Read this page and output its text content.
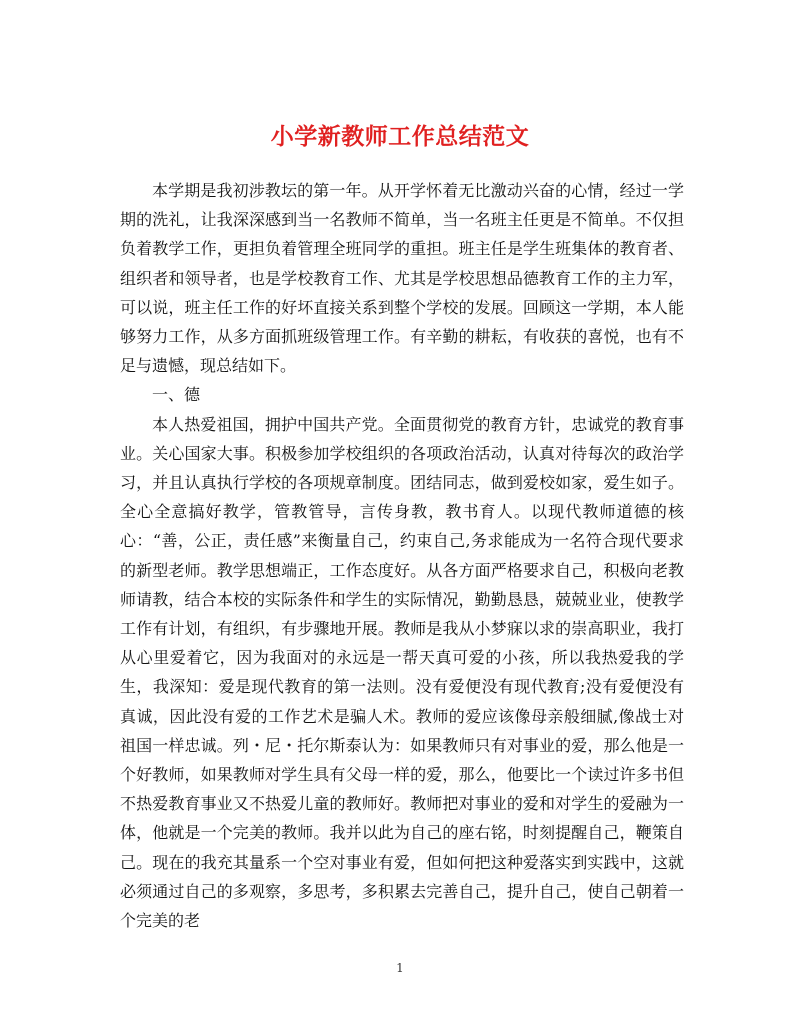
小学新教师工作总结范文

本学期是我初涉教坛的第一年。从开学怀着无比激动兴奋的心情，经过一学期的洗礼，让我深深感到当一名教师不简单，当一名班主任更是不简单。不仅担负着教学工作，更担负着管理全班同学的重担。班主任是学生班集体的教育者、组织者和领导者，也是学校教育工作、尤其是学校思想品德教育工作的主力军，可以说，班主任工作的好坏直接关系到整个学校的发展。回顾这一学期，本人能够努力工作，从多方面抓班级管理工作。有辛勤的耕耘，有收获的喜悦，也有不足与遗憾，现总结如下。

一、德

本人热爱祖国，拥护中国共产党。全面贯彻党的教育方针，忠诚党的教育事业。关心国家大事。积极参加学校组织的各项政治活动，认真对待每次的政治学习，并且认真执行学校的各项规章制度。团结同志，做到爱校如家，爱生如子。全心全意搞好教学，管教管导，言传身教，教书育人。以现代教师道德的核心：“善，公正，责任感”来衡量自己，约束自己,务求能成为一名符合现代要求的新型老师。教学思想端正，工作态度好。从各方面严格要求自己，积极向老教师请教，结合本校的实际条件和学生的实际情况，勤勤恳恳，兢兢业业，使教学工作有计划，有组织，有步骤地开展。教师是我从小梦寐以求的崇高职业，我打从心里爱着它，因为我面对的永远是一帮天真可爱的小孩，所以我热爱我的学生，我深知：爱是现代教育的第一法则。没有爱便没有现代教育;没有爱便没有真诚，因此没有爱的工作艺术是骗人术。教师的爱应该像母亲般细腻,像战士对祖国一样忠诚。列・尼・托尔斯泰认为：如果教师只有对事业的爱，那么他是一个好教师，如果教师对学生具有父母一样的爱，那么，他要比一个读过许多书但不热爱教育事业又不热爱儿童的教师好。教师把对事业的爱和对学生的爱融为一体，他就是一个完美的教师。我并以此为自己的座右铭，时刻提醒自己，鞭策自己。现在的我充其量系一个空对事业有爱，但如何把这种爱落实到实践中，这就必须通过自己的多观察，多思考，多积累去完善自己，提升自己，使自己朝着一个完美的老

1
